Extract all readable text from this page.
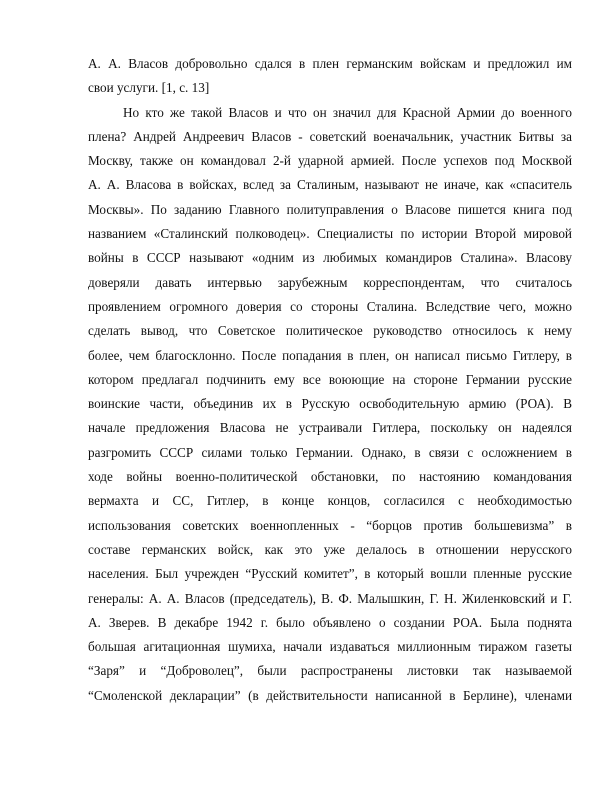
А. А. Власов добровольно сдался в плен германским войскам и предложил им
свои услуги. [1, с. 13]
Но кто же такой Власов и что он значил для Красной Армии до военного
плена? Андрей Андреевич Власов - советский военачальник, участник Битвы за
Москву, также он командовал 2-й ударной армией. После успехов под Москвой
А. А. Власова в войсках, вслед за Сталиным, называют не иначе, как «спаситель
Москвы». По заданию Главного политуправления о Власове пишется книга под
названием «Сталинский полководец». Специалисты по истории Второй мировой
войны в СССР называют «одним из любимых командиров Сталина». Власову
доверяли давать интервью зарубежным корреспондентам, что считалось
проявлением огромного доверия со стороны Сталина. Вследствие чего, можно
сделать вывод, что Советское политическое руководство относилось к нему
более, чем благосклонно. После попадания в плен, он написал письмо Гитлеру, в
котором предлагал подчинить ему все воюющие на стороне Германии русские
воинские части, объединив их в Русскую освободительную армию (РОА). В
начале предложения Власова не устраивали Гитлера, поскольку он надеялся
разгромить СССР силами только Германии. Однако, в связи с осложнением в
ходе войны военно-политической обстановки, по настоянию командования
вермахта и СС, Гитлер, в конце концов, согласился с необходимостью
использования советских военнопленных - “борцов против большевизма” в
составе германских войск, как это уже делалось в отношении нерусского
населения. Был учрежден “Русский комитет”, в который вошли пленные русские
генералы: А. А. Власов (председатель), В. Ф. Малышкин, Г. Н. Жиленковский и Г.
А. Зверев. В декабре 1942 г. было объявлено о создании РОА. Была поднята
большая агитационная шумиха, начали издаваться миллионным тиражом газеты
“Заря” и “Доброволец”, были распространены листовки так называемой
“Смоленской декларации” (в действительности написанной в Берлине), членами
